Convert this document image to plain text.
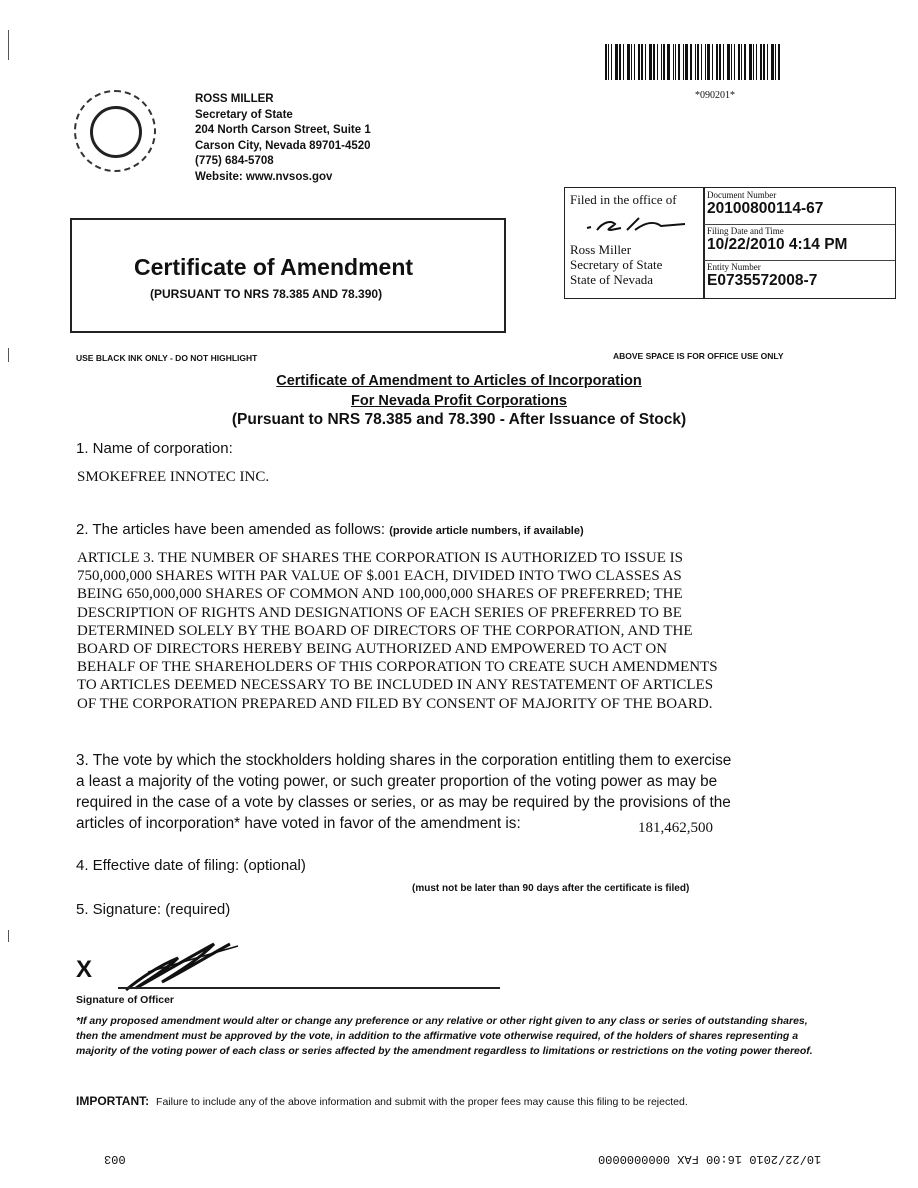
*090201*
ROSS MILLER
Secretary of State
204 North Carson Street, Suite 1
Carson City, Nevada 89701-4520
(775) 684-5708
Website: www.nvsos.gov
Certificate of Amendment
(PURSUANT TO NRS 78.385 AND 78.390)
Filed in the office of
Ross Miller
Secretary of State
State of Nevada
Document Number
20100800114-67
Filing Date and Time
10/22/2010 4:14 PM
Entity Number
E0735572008-7
USE BLACK INK ONLY - DO NOT HIGHLIGHT	ABOVE SPACE IS FOR OFFICE USE ONLY
Certificate of Amendment to Articles of Incorporation
For Nevada Profit Corporations
(Pursuant to NRS 78.385 and 78.390 - After Issuance of Stock)
1. Name of corporation:
SMOKEFREE INNOTEC INC.
2. The articles have been amended as follows: (provide article numbers, if available)
ARTICLE 3. THE NUMBER OF SHARES THE CORPORATION IS AUTHORIZED TO ISSUE IS
750,000,000 SHARES WITH PAR VALUE OF $.001 EACH, DIVIDED INTO TWO CLASSES AS
BEING 650,000,000 SHARES OF COMMON AND 100,000,000 SHARES OF PREFERRED; THE
DESCRIPTION OF RIGHTS AND DESIGNATIONS OF EACH SERIES OF PREFERRED TO BE
DETERMINED SOLELY BY THE BOARD OF DIRECTORS OF THE CORPORATION, AND THE
BOARD OF DIRECTORS HEREBY BEING AUTHORIZED AND EMPOWERED TO ACT ON
BEHALF OF THE SHAREHOLDERS OF THIS CORPORATION TO CREATE SUCH AMENDMENTS
TO ARTICLES DEEMED NECESSARY TO BE INCLUDED IN ANY RESTATEMENT OF ARTICLES
OF THE CORPORATION PREPARED AND FILED BY CONSENT OF MAJORITY OF THE BOARD.
3. The vote by which the stockholders holding shares in the corporation entitling them to exercise
a least a majority of the voting power, or such greater proportion of the voting power as may be
required in the case of a vote by classes or series, or as may be required by the provisions of the
articles of incorporation* have voted in favor of the amendment is:	181,462,500
4. Effective date of filing: (optional)
(must not be later than 90 days after the certificate is filed)
5. Signature: (required)
X
Signature of Officer
*If any proposed amendment would alter or change any preference or any relative or other right given to any class or series of outstanding shares, then the amendment must be approved by the vote, in addition to the affirmative vote otherwise required, of the holders of shares representing a majority of the voting power of each class or series affected by the amendment regardless to limitations or restrictions on the voting power thereof.
IMPORTANT: Failure to include any of the above information and submit with the proper fees may cause this filing to be rejected.
003	10/22/2010 16:00 FAX 0000000000
